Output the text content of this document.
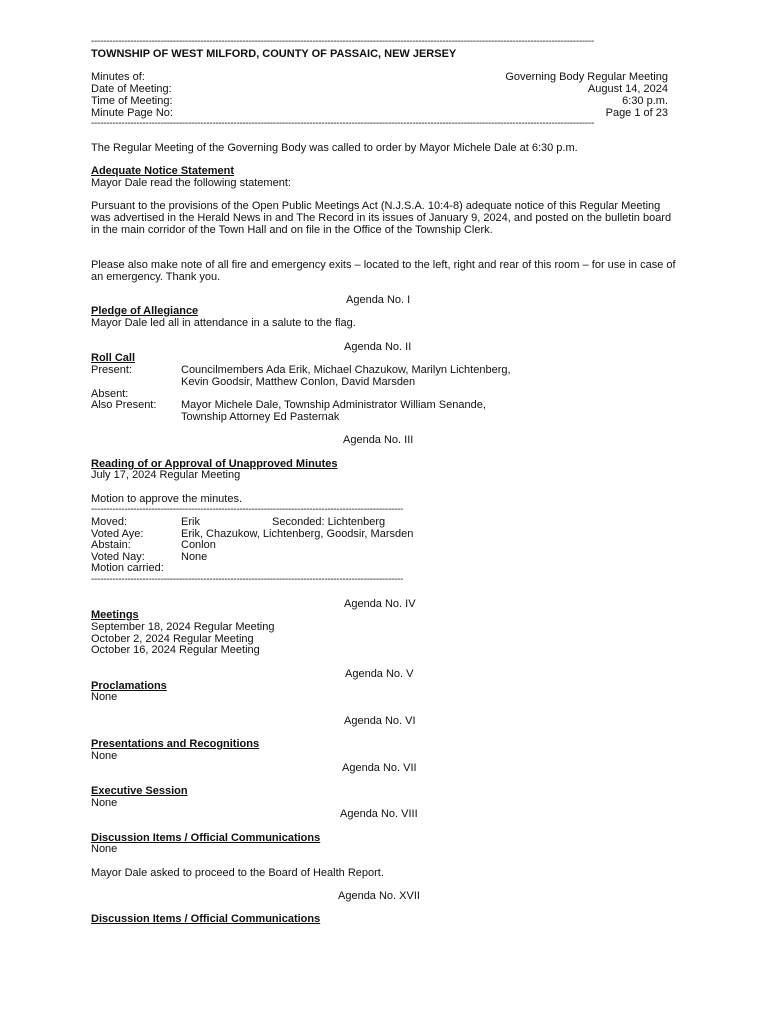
----------------------------------------------------------------------------------------------------------------------------------------------------------------------
TOWNSHIP OF WEST MILFORD, COUNTY OF PASSAIC, NEW JERSEY
Minutes of:	Governing Body Regular Meeting
Date of Meeting:	August 14, 2024
Time of Meeting:	6:30 p.m.
Minute Page No:	Page 1 of 23
----------------------------------------------------------------------------------------------------------------------------------------------------------------------
The Regular Meeting of the Governing Body was called to order by Mayor Michele Dale at 6:30 p.m.
Adequate Notice Statement
Mayor Dale read the following statement:
Pursuant to the provisions of the Open Public Meetings Act (N.J.S.A. 10:4-8) adequate notice of this Regular Meeting was advertised in the Herald News in and The Record in its issues of January 9, 2024, and posted on the bulletin board in the main corridor of the Town Hall and on file in the Office of the Township Clerk.
Please also make note of all fire and emergency exits – located to the left, right and rear of this room – for use in case of an emergency. Thank you.
Agenda No. I
Pledge of Allegiance
Mayor Dale led all in attendance in a salute to the flag.
Agenda No. II
Roll Call
Present:	Councilmembers Ada Erik, Michael Chazukow, Marilyn Lichtenberg,
Kevin Goodsir, Matthew Conlon, David Marsden
Absent:
Also Present: Mayor Michele Dale, Township Administrator William Senande,
Township Attorney Ed Pasternak
Agenda No. III
Reading of or Approval of Unapproved Minutes
July 17, 2024 Regular Meeting
Motion to approve the minutes.
-------------------------------------------------------------------------------------------------------
Moved:	Erik	Seconded: Lichtenberg
Voted Aye:	Erik, Chazukow, Lichtenberg, Goodsir, Marsden
Abstain:	Conlon
Voted Nay:	None
Motion carried:
-------------------------------------------------------------------------------------------------------
Agenda No. IV
Meetings
September 18, 2024 Regular Meeting
October 2, 2024 Regular Meeting
October 16, 2024 Regular Meeting
Agenda No. V
Proclamations
None
Agenda No. VI
Presentations and Recognitions
None
Agenda No. VII
Executive Session
None
Agenda No. VIII
Discussion Items / Official Communications
None
Mayor Dale asked to proceed to the Board of Health Report.
Agenda No. XVII
Discussion Items / Official Communications
